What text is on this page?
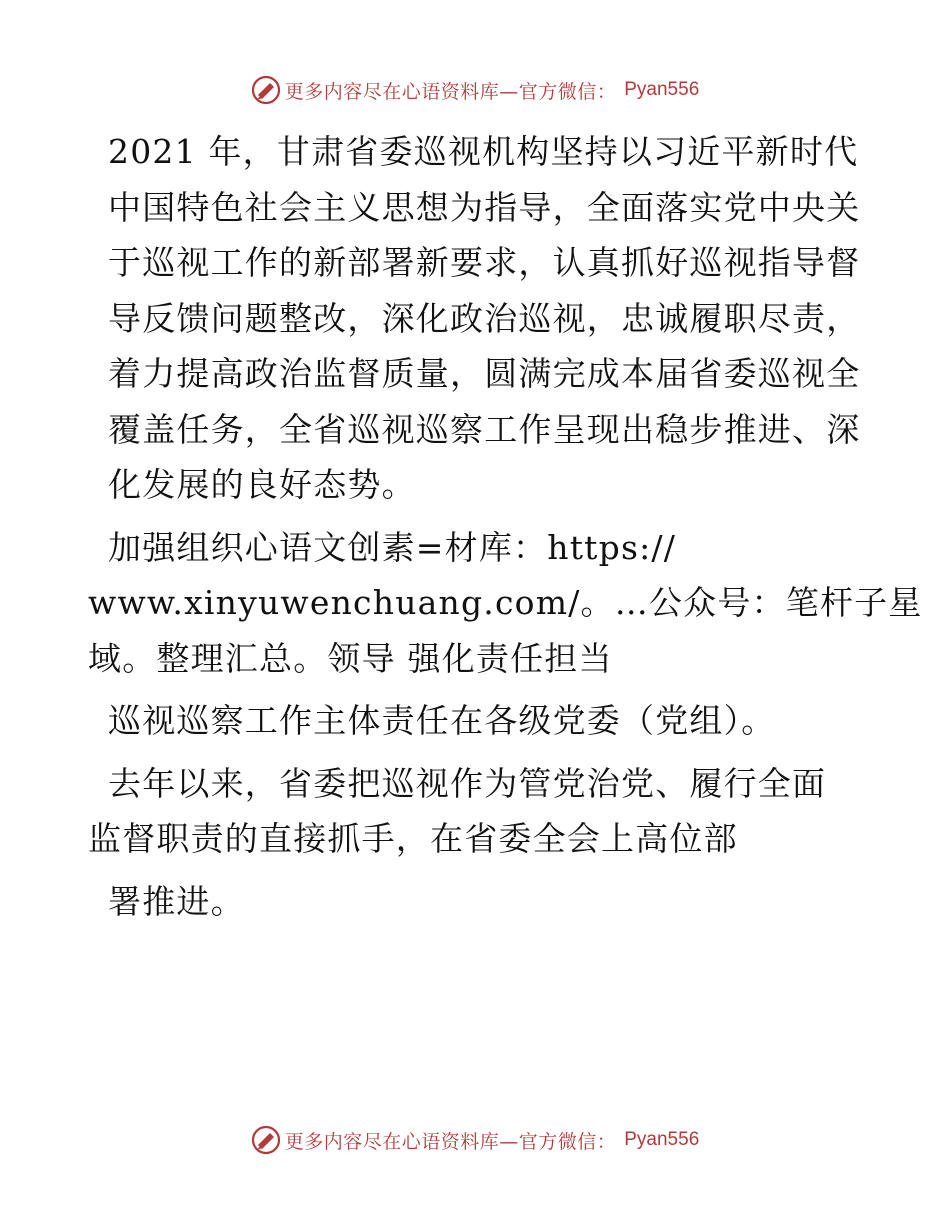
更多内容尽在心语资料库—官方微信： Pyan556

2021 年，甘肃省委巡视机构坚持以习近平新时代
中国特色社会主义思想为指导，全面落实党中央关
于巡视工作的新部署新要求，认真抓好巡视指导督
导反馈问题整改，深化政治巡视，忠诚履职尽责，
着力提高政治监督质量，圆满完成本届省委巡视全
覆盖任务，全省巡视巡察工作呈现出稳步推进、深
化发展的良好态势。

加强组织心语文创素=材库：https://
www.xinyuwenchuang.com/。…公众号：笔杆子星
域。整理汇总。领导 强化责任担当

巡视巡察工作主体责任在各级党委（党组）。

去年以来，省委把巡视作为管党治党、履行全面
监督职责的直接抓手，在省委全会上高位部

署推进。

更多内容尽在心语资料库—官方微信： Pyan556
